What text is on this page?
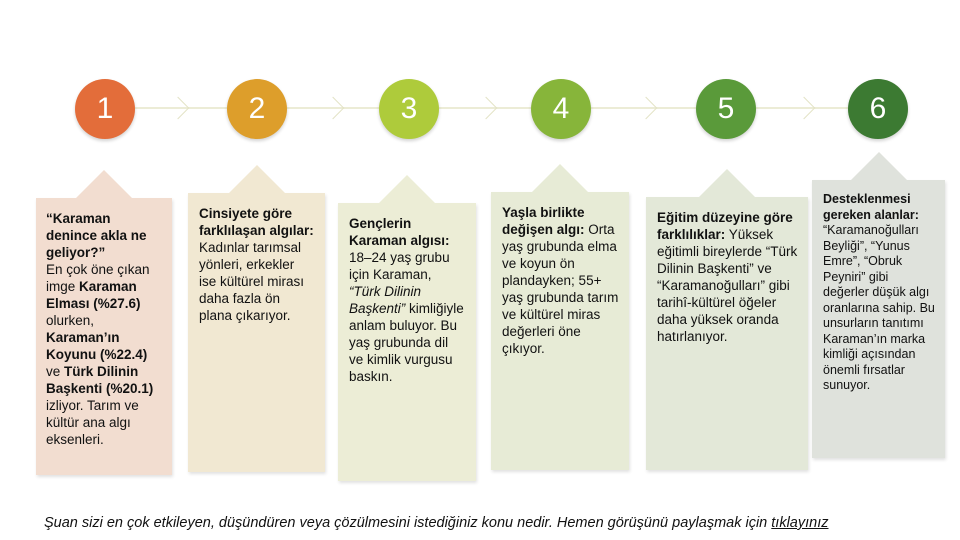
1	2	3	4	5	6
“Karaman denince akla ne geliyor?”
En çok öne çıkan imge Karaman Elması (%27.6) olurken, Karaman’ın Koyunu (%22.4) ve Türk Dilinin Başkenti (%20.1) izliyor. Tarım ve kültür ana algı eksenleri.
Cinsiyete göre farklılaşan algılar:
Kadınlar tarımsal yönleri, erkekler ise kültürel mirası daha fazla ön plana çıkarıyor.
Gençlerin Karaman algısı: 18–24 yaş grubu için Karaman, “Türk Dilinin Başkenti” kimliğiyle anlam buluyor. Bu yaş grubunda dil ve kimlik vurgusu baskın.
Yaşla birlikte değişen algı: Orta yaş grubunda elma ve koyun ön plandayken; 55+ yaş grubunda tarım ve kültürel miras değerleri öne çıkıyor.
Eğitim düzeyine göre farklılıklar: Yüksek eğitimli bireylerde “Türk Dilinin Başkenti” ve “Karamanoğulları” gibi tarihî-kültürel öğeler daha yüksek oranda hatırlanıyor.
Desteklenmesi gereken alanlar: “Karamanoğulları Beyliği”, “Yunus Emre”, “Obruk Peyniri” gibi değerler düşük algı oranlarına sahip. Bu unsurların tanıtımı Karaman’ın marka kimliği açısından önemli fırsatlar sunuyor.
Şuan sizi en çok etkileyen, düşündüren veya çözülmesini istediğiniz konu nedir. Hemen görüşünü paylaşmak için tıklayınız
